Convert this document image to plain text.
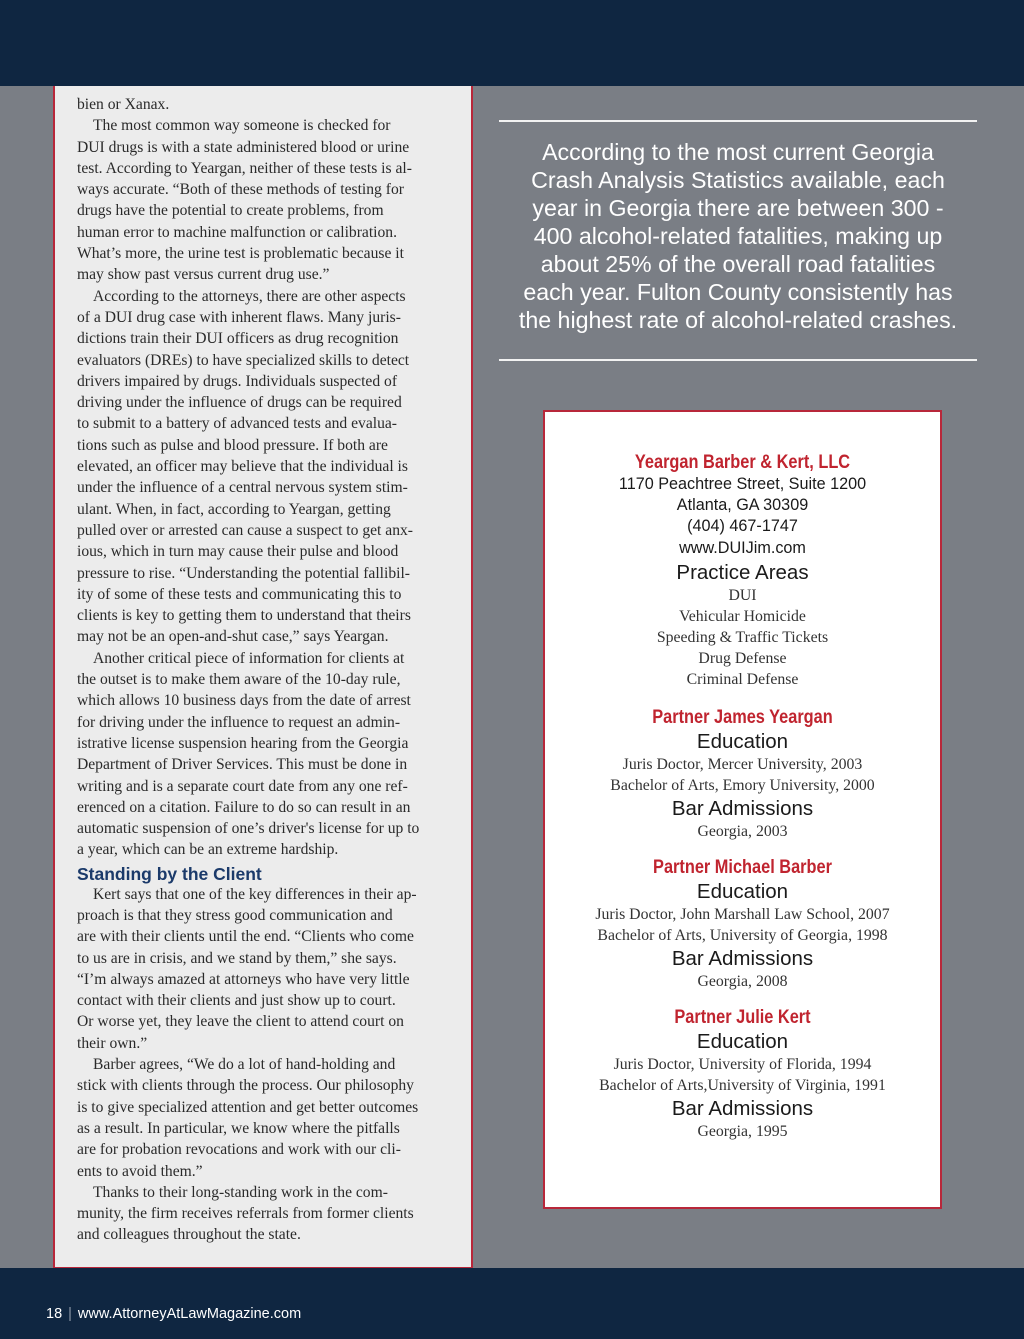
bien or Xanax.

The most common way someone is checked for
DUI drugs is with a state administered blood or urine
test. According to Yeargan, neither of these tests is al-
ways accurate. “Both of these methods of testing for
drugs have the potential to create problems, from
human error to machine malfunction or calibration.
What’s more, the urine test is problematic because it
may show past versus current drug use.”

According to the attorneys, there are other aspects
of a DUI drug case with inherent flaws. Many juris-
dictions train their DUI officers as drug recognition
evaluators (DREs) to have specialized skills to detect
drivers impaired by drugs. Individuals suspected of
driving under the influence of drugs can be required
to submit to a battery of advanced tests and evalua-
tions such as pulse and blood pressure. If both are
elevated, an officer may believe that the individual is
under the influence of a central nervous system stim-
ulant. When, in fact, according to Yeargan, getting
pulled over or arrested can cause a suspect to get anx-
ious, which in turn may cause their pulse and blood
pressure to rise. “Understanding the potential fallibil-
ity of some of these tests and communicating this to
clients is key to getting them to understand that theirs
may not be an open-and-shut case,” says Yeargan.

Another critical piece of information for clients at
the outset is to make them aware of the 10-day rule,
which allows 10 business days from the date of arrest
for driving under the influence to request an admin-
istrative license suspension hearing from the Georgia
Department of Driver Services. This must be done in
writing and is a separate court date from any one ref-
erenced on a citation. Failure to do so can result in an
automatic suspension of one’s driver's license for up to
a year, which can be an extreme hardship.

Standing by the Client

Kert says that one of the key differences in their ap-
proach is that they stress good communication and
are with their clients until the end. “Clients who come
to us are in crisis, and we stand by them,” she says.
“I’m always amazed at attorneys who have very little
contact with their clients and just show up to court.
Or worse yet, they leave the client to attend court on
their own.”

Barber agrees, “We do a lot of hand-holding and
stick with clients through the process. Our philosophy
is to give specialized attention and get better outcomes
as a result. In particular, we know where the pitfalls
are for probation revocations and work with our cli-
ents to avoid them.”

Thanks to their long-standing work in the com-
munity, the firm receives referrals from former clients
and colleagues throughout the state.

According to the most current Georgia
Crash Analysis Statistics available, each
year in Georgia there are between 300 -
400 alcohol-related fatalities, making up
about 25% of the overall road fatalities
each year. Fulton County consistently has
the highest rate of alcohol-related crashes.
Yeargan Barber & Kert, LLC
1170 Peachtree Street, Suite 1200
Atlanta, GA 30309
(404) 467-1747
www.DUIJim.com
Practice Areas
DUI
Vehicular Homicide
Speeding & Traffic Tickets
Drug Defense
Criminal Defense
Partner James Yeargan
Education
Juris Doctor, Mercer University, 2003
Bachelor of Arts, Emory University, 2000
Bar Admissions
Georgia, 2003
Partner Michael Barber
Education
Juris Doctor, John Marshall Law School, 2007
Bachelor of Arts, University of Georgia, 1998
Bar Admissions
Georgia, 2008
Partner Julie Kert
Education
Juris Doctor, University of Florida, 1994
Bachelor of Arts,University of Virginia, 1991
Bar Admissions
Georgia, 1995
18 | www.AttorneyAtLawMagazine.com
